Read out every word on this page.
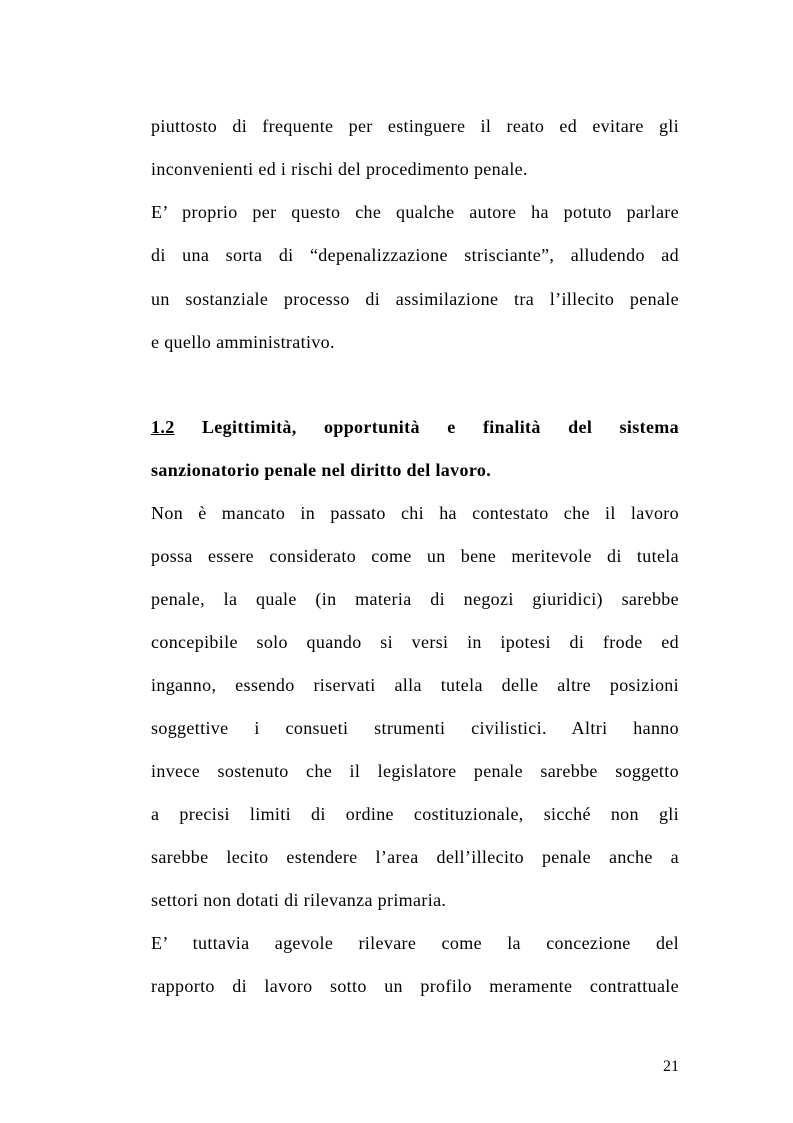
piuttosto di frequente per estinguere il reato ed evitare gli
inconvenienti ed i rischi del procedimento penale.
E’ proprio per questo che qualche autore ha potuto parlare
di una sorta di “depenalizzazione strisciante”, alludendo ad
un sostanziale processo di assimilazione tra l’illecito penale
e quello amministrativo.
1.2 Legittimità, opportunità e finalità del sistema
sanzionatorio penale nel diritto del lavoro.
Non è mancato in passato chi ha contestato che il lavoro
possa essere considerato come un bene meritevole di tutela
penale, la quale (in materia di negozi giuridici) sarebbe
concepibile solo quando si versi in ipotesi di frode ed
inganno, essendo riservati alla tutela delle altre posizioni
soggettive i consueti strumenti civilistici. Altri hanno
invece sostenuto che il legislatore penale sarebbe soggetto
a precisi limiti di ordine costituzionale, sicché non gli
sarebbe lecito estendere l’area dell’illecito penale anche a
settori non dotati di rilevanza primaria.
E’ tuttavia agevole rilevare come la concezione del
rapporto di lavoro sotto un profilo meramente contrattuale
21
